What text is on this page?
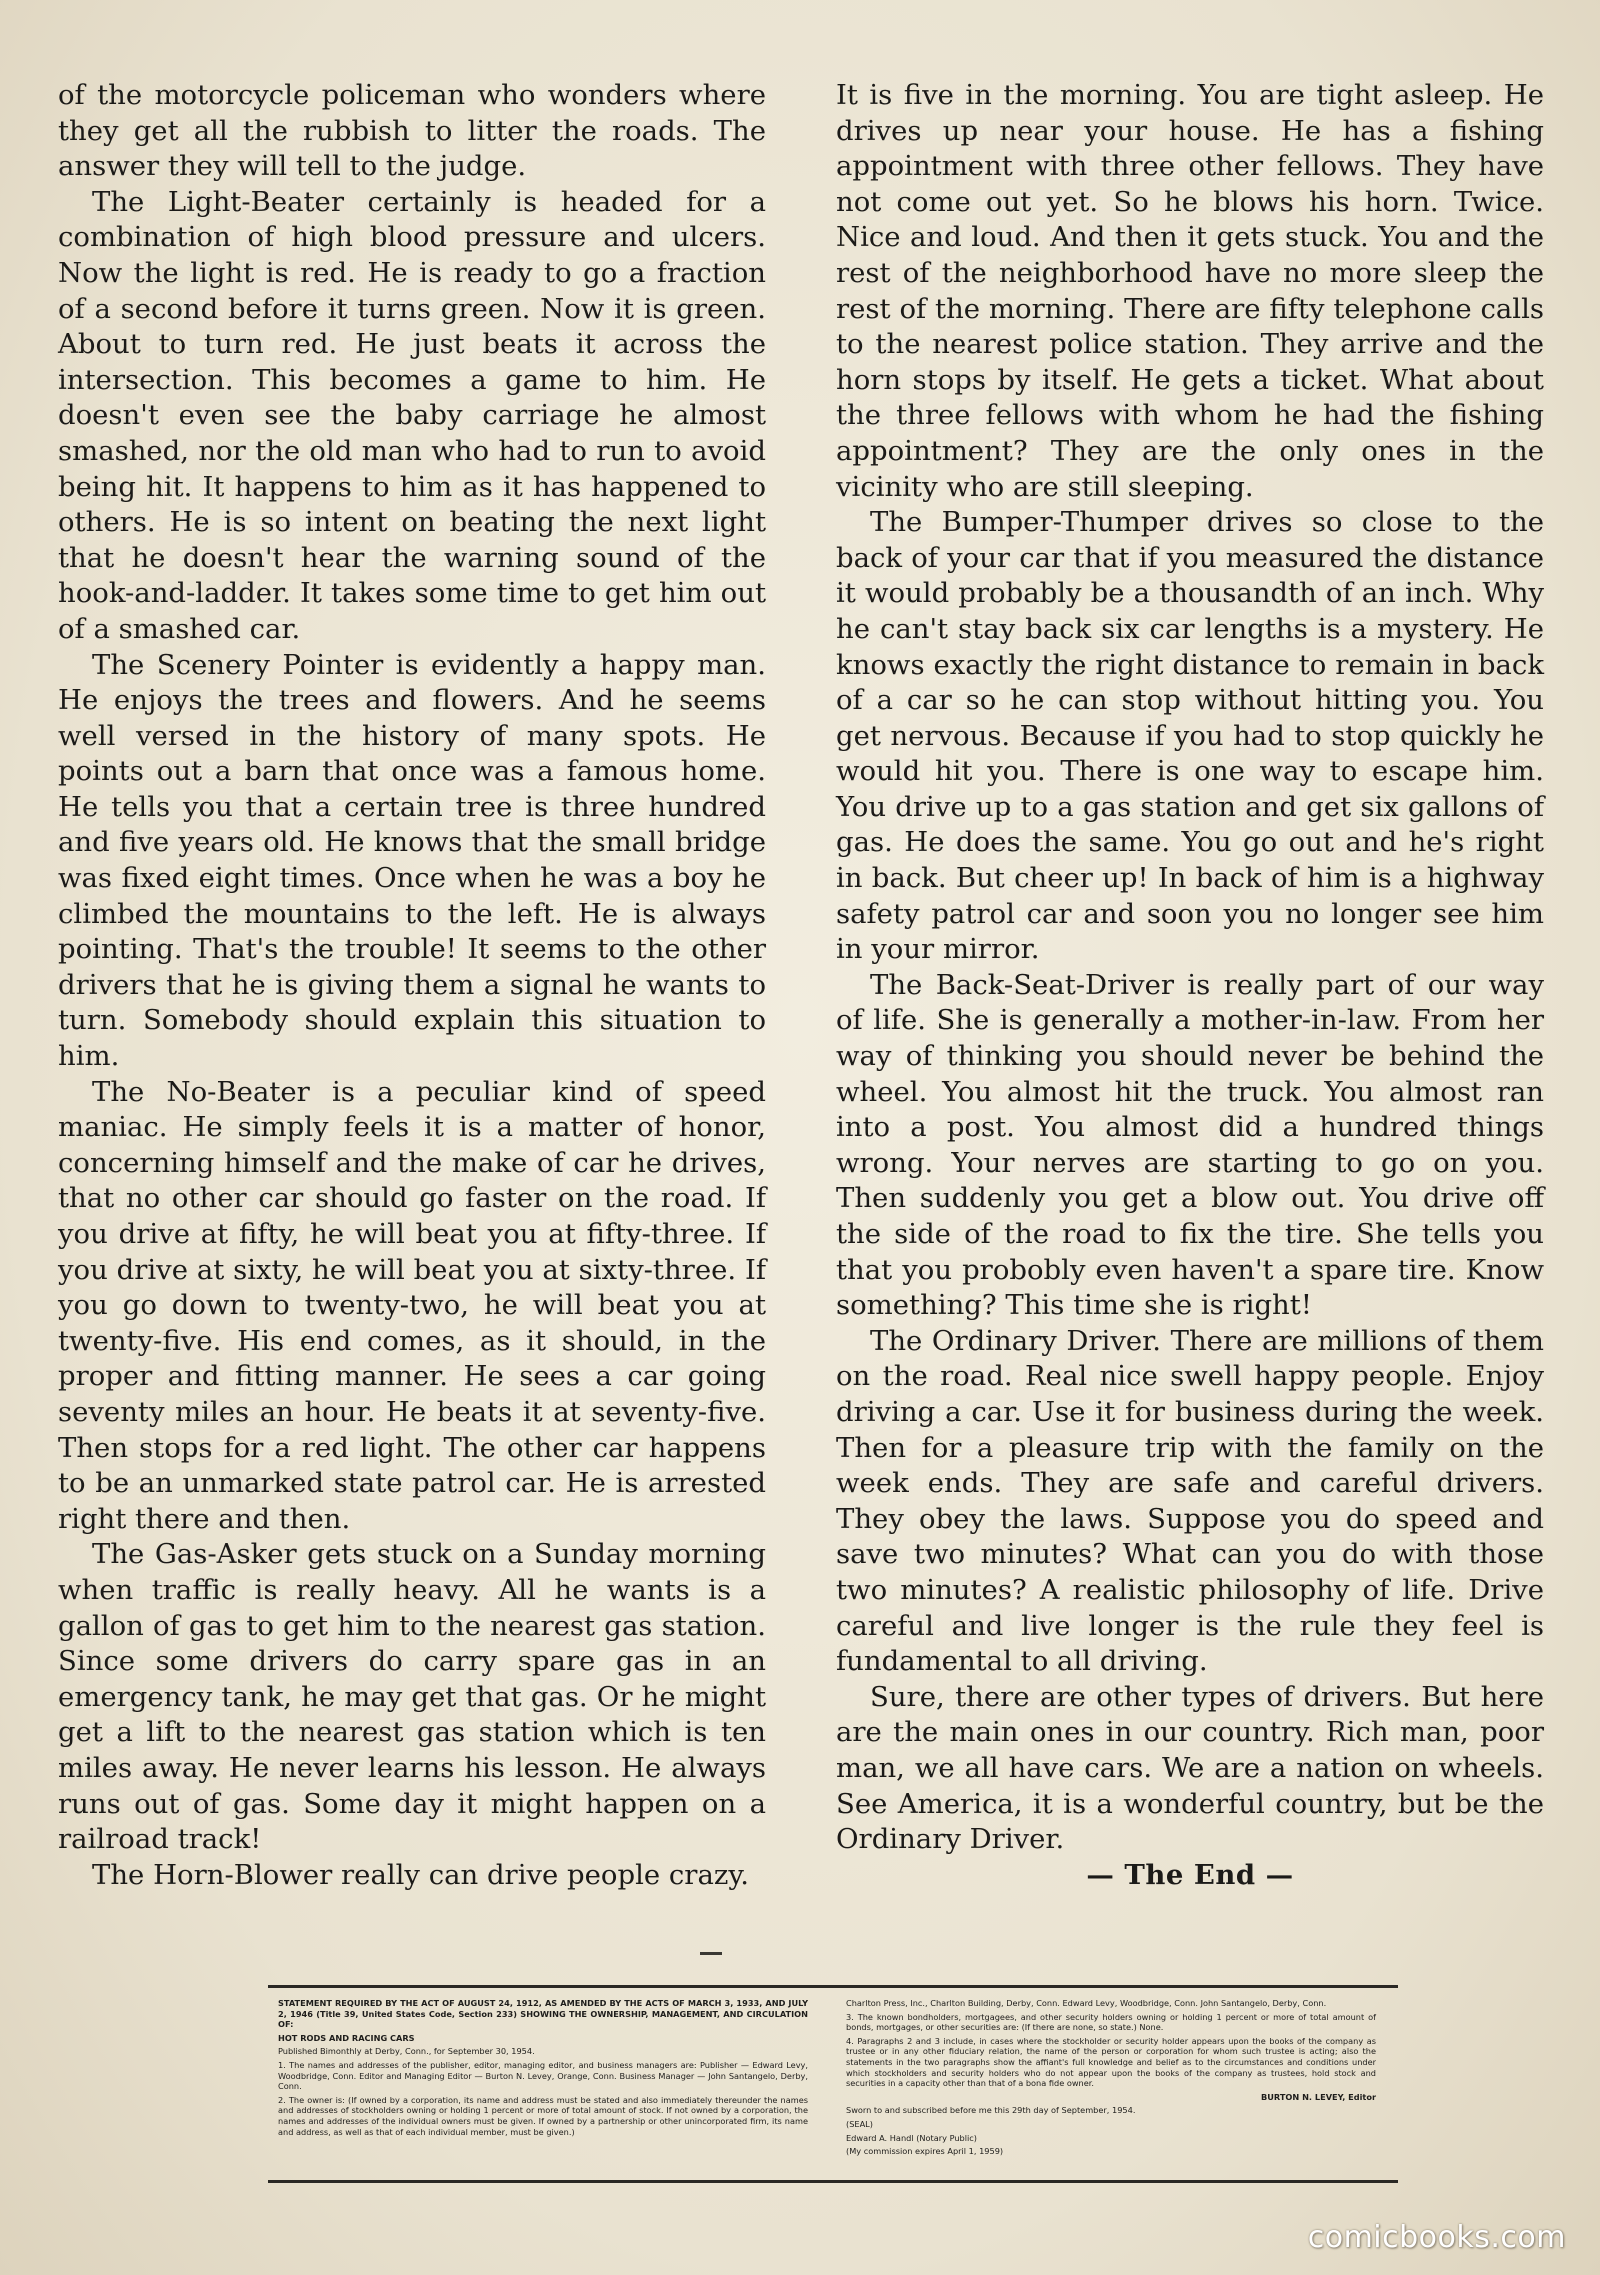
of the motorcycle policeman who wonders where they get all the rubbish to litter the roads. The answer they will tell to the judge.

The Light-Beater certainly is headed for a combination of high blood pressure and ulcers. Now the light is red. He is ready to go a fraction of a second before it turns green. Now it is green. About to turn red. He just beats it across the intersection. This becomes a game to him. He doesn't even see the baby carriage he almost smashed, nor the old man who had to run to avoid being hit. It happens to him as it has happened to others. He is so intent on beating the next light that he doesn't hear the warning sound of the hook-and-ladder. It takes some time to get him out of a smashed car.

The Scenery Pointer is evidently a happy man. He enjoys the trees and flowers. And he seems well versed in the history of many spots. He points out a barn that once was a famous home. He tells you that a certain tree is three hundred and five years old. He knows that the small bridge was fixed eight times. Once when he was a boy he climbed the mountains to the left. He is always pointing. That's the trouble! It seems to the other drivers that he is giving them a signal he wants to turn. Somebody should explain this situation to him.

The No-Beater is a peculiar kind of speed maniac. He simply feels it is a matter of honor, concerning himself and the make of car he drives, that no other car should go faster on the road. If you drive at fifty, he will beat you at fifty-three. If you drive at sixty, he will beat you at sixty-three. If you go down to twenty-two, he will beat you at twenty-five. His end comes, as it should, in the proper and fitting manner. He sees a car going seventy miles an hour. He beats it at seventy-five. Then stops for a red light. The other car happens to be an unmarked state patrol car. He is arrested right there and then.

The Gas-Asker gets stuck on a Sunday morning when traffic is really heavy. All he wants is a gallon of gas to get him to the nearest gas station. Since some drivers do carry spare gas in an emergency tank, he may get that gas. Or he might get a lift to the nearest gas station which is ten miles away. He never learns his lesson. He always runs out of gas. Some day it might happen on a railroad track!

The Horn-Blower really can drive people crazy.

It is five in the morning. You are tight asleep. He drives up near your house. He has a fishing appointment with three other fellows. They have not come out yet. So he blows his horn. Twice. Nice and loud. And then it gets stuck. You and the rest of the neighborhood have no more sleep the rest of the morning. There are fifty telephone calls to the nearest police station. They arrive and the horn stops by itself. He gets a ticket. What about the three fellows with whom he had the fishing appointment? They are the only ones in the vicinity who are still sleeping.

The Bumper-Thumper drives so close to the back of your car that if you measured the distance it would probably be a thousandth of an inch. Why he can't stay back six car lengths is a mystery. He knows exactly the right distance to remain in back of a car so he can stop without hitting you. You get nervous. Because if you had to stop quickly he would hit you. There is one way to escape him. You drive up to a gas station and get six gallons of gas. He does the same. You go out and he's right in back. But cheer up! In back of him is a highway safety patrol car and soon you no longer see him in your mirror.

The Back-Seat-Driver is really part of our way of life. She is generally a mother-in-law. From her way of thinking you should never be behind the wheel. You almost hit the truck. You almost ran into a post. You almost did a hundred things wrong. Your nerves are starting to go on you. Then suddenly you get a blow out. You drive off the side of the road to fix the tire. She tells you that you probobly even haven't a spare tire. Know something? This time she is right!

The Ordinary Driver. There are millions of them on the road. Real nice swell happy people. Enjoy driving a car. Use it for business during the week. Then for a pleasure trip with the family on the week ends. They are safe and careful drivers. They obey the laws. Suppose you do speed and save two minutes? What can you do with those two minutes? A realistic philosophy of life. Drive careful and live longer is the rule they feel is fundamental to all driving.

Sure, there are other types of drivers. But here are the main ones in our country. Rich man, poor man, we all have cars. We are a nation on wheels. See America, it is a wonderful country, but be the Ordinary Driver.

— The End —

STATEMENT REQUIRED BY THE ACT OF AUGUST 24, 1912, AS AMENDED BY THE ACTS OF MARCH 3, 1933, AND JULY 2, 1946 (Title 39, United States Code, Section 233) SHOWING THE OWNERSHIP, MANAGEMENT, AND CIRCULATION OF:

HOT RODS AND RACING CARS

Published Bimonthly at Derby, Conn., for September 30, 1954.

1. The names and addresses of the publisher, editor, managing editor, and business managers are: Publisher — Edward Levy, Woodbridge, Conn. Editor and Managing Editor — Burton N. Levey, Orange, Conn. Business Manager — John Santangelo, Derby, Conn.

2. The owner is: (If owned by a corporation, its name and address must be stated and also immediately thereunder the names and addresses of stockholders owning or holding 1 percent or more of total amount of stock. If not owned by a corporation, the names and addresses of the individual owners must be given. If owned by a partnership or other unincorporated firm, its name and address, as well as that of each individual member, must be given.)

Charlton Press, Inc., Charlton Building, Derby, Conn. Edward Levy, Woodbridge, Conn. John Santangelo, Derby, Conn.

3. The known bondholders, mortgagees, and other security holders owning or holding 1 percent or more of total amount of bonds, mortgages, or other securities are: (If there are none, so state.) None.

4. Paragraphs 2 and 3 include, in cases where the stockholder or security holder appears upon the books of the company as trustee or in any other fiduciary relation, the name of the person or corporation for whom such trustee is acting; also the statements in the two paragraphs show the affiant's full knowledge and belief as to the circumstances and conditions under which stockholders and security holders who do not appear upon the books of the company as trustees, hold stock and securities in a capacity other than that of a bona fide owner.

BURTON N. LEVEY, Editor

Sworn to and subscribed before me this 29th day of September, 1954.

(SEAL)

Edward A. Handl (Notary Public)

(My commission expires April 1, 1959)

comicbooks.com
